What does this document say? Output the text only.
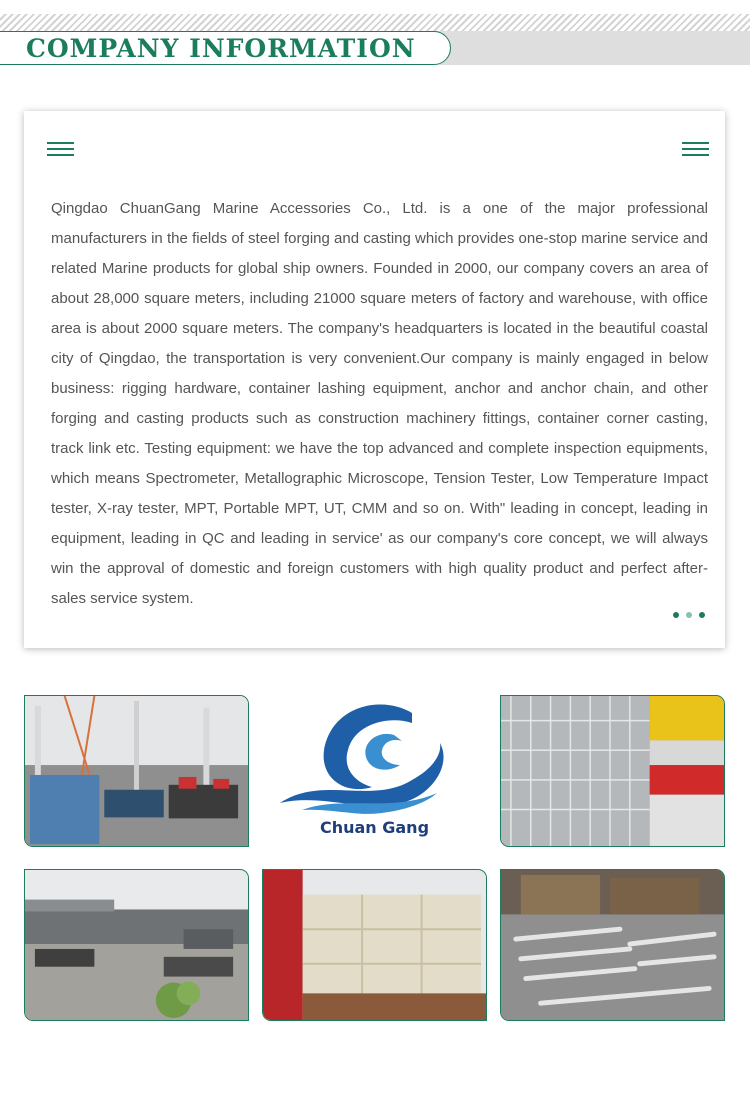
COMPANY INFORMATION

Qingdao ChuanGang Marine Accessories Co., Ltd. is a one of the major professional manufacturers in the fields of steel forging and casting which provides one-stop marine service and related Marine products for global ship owners. Founded in 2000, our company covers an area of about 28,000 square meters, including 21000 square meters of factory and warehouse, with office area is about 2000 square meters. The company's headquarters is located in the beautiful coastal city of Qingdao, the transportation is very convenient.Our company is mainly engaged in below business: rigging hardware, container lashing equipment, anchor and anchor chain, and other forging and casting products such as construction machinery fittings, container corner casting, track link etc. Testing equipment: we have the top advanced and complete inspection equipments, which means Spectrometer, Metallographic Microscope, Tension Tester, Low Temperature Impact tester, X-ray tester, MPT, Portable MPT, UT, CMM and so on. With" leading in concept, leading in equipment, leading in QC and leading in service' as our company's core concept, we will always win the approval of domestic and foreign customers with high quality product and perfect after-sales service system.

Chuan Gang
